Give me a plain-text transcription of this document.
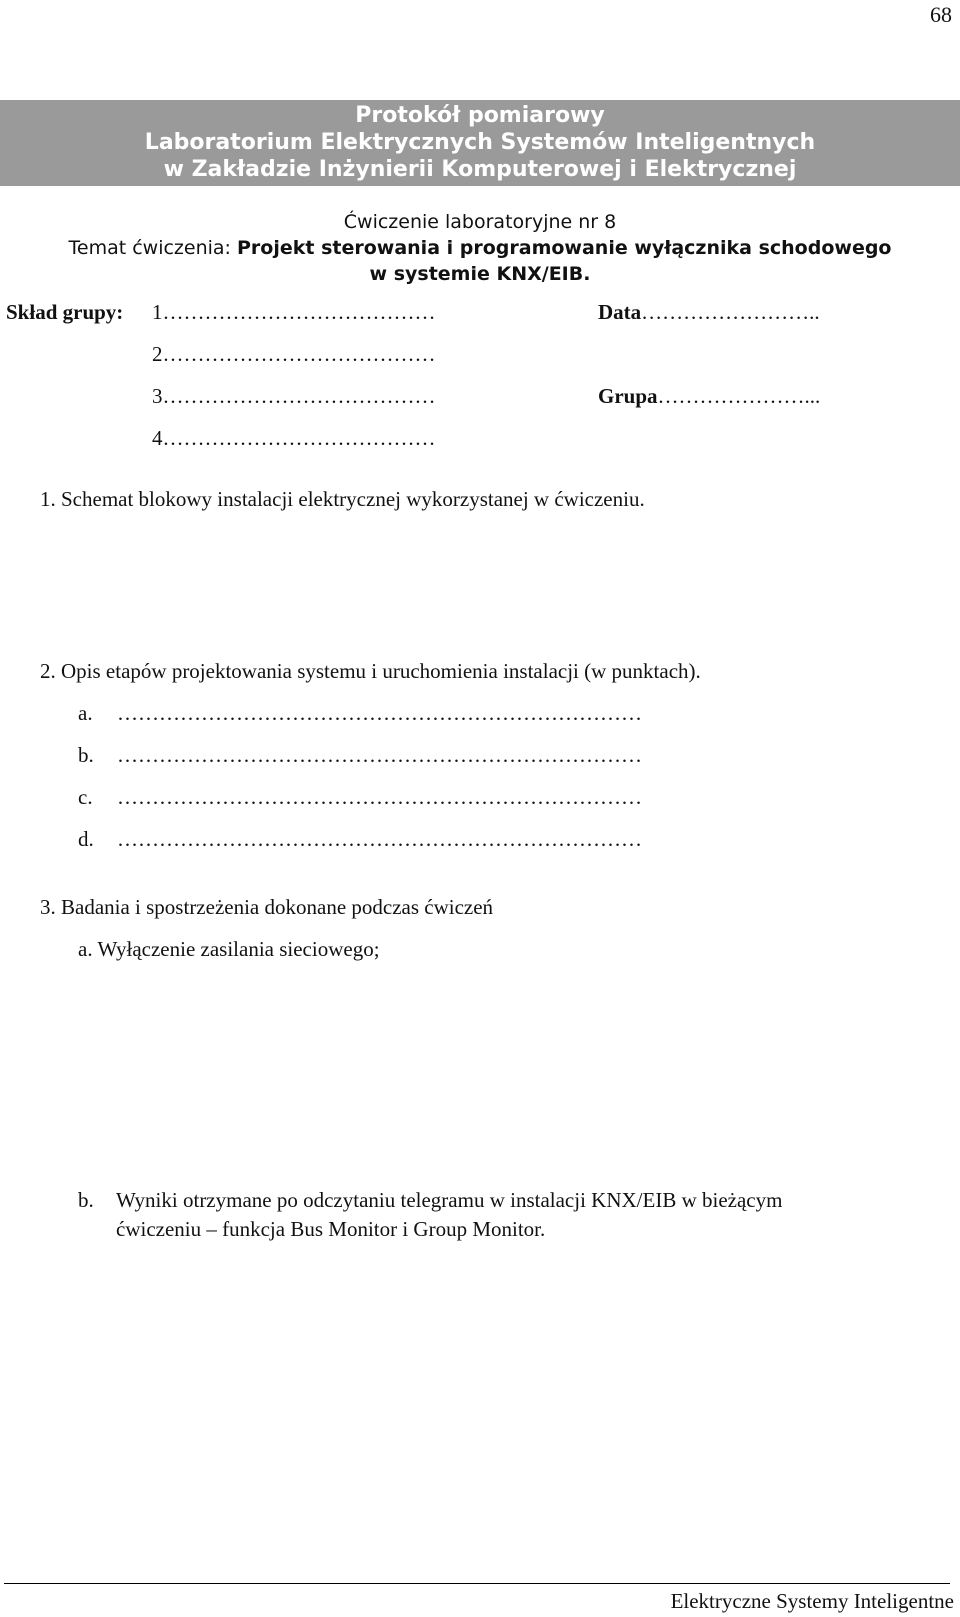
68
Protokół pomiarowy
Laboratorium Elektrycznych Systemów Inteligentnych
w Zakładzie Inżynierii Komputerowej i Elektrycznej
Ćwiczenie laboratoryjne nr 8
Temat ćwiczenia: Projekt sterowania i programowanie wyłącznika schodowego
w systemie KNX/EIB.
Skład grupy: 1…………………………………
2…………………………………
3…………………………………
4…………………………………
Data……………………..
Grupa…………………...
1. Schemat blokowy instalacji elektrycznej wykorzystanej w ćwiczeniu.
2. Opis etapów projektowania systemu i uruchomienia instalacji (w punktach).
a. …………………………………………………………………
b. …………………………………………………………………
c. …………………………………………………………………
d. …………………………………………………………………
3. Badania i spostrzeżenia dokonane podczas ćwiczeń
a. Wyłączenie zasilania sieciowego;
b. Wyniki otrzymane po odczytaniu telegramu w instalacji KNX/EIB w bieżącym
ćwiczeniu – funkcja Bus Monitor i Group Monitor.
Elektryczne Systemy Inteligentne
